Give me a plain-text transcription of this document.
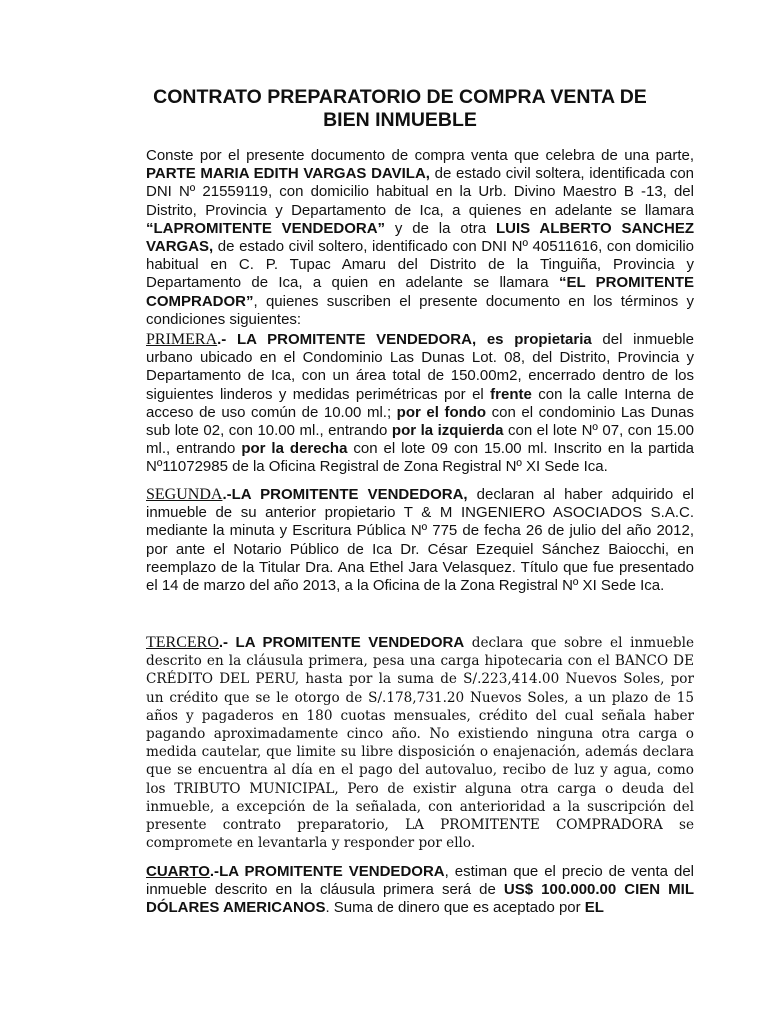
CONTRATO PREPARATORIO DE COMPRA VENTA DE
BIEN INMUEBLE

Conste por el presente documento de compra venta que celebra de una parte, PARTE MARIA EDITH VARGAS DAVILA, de estado civil soltera, identificada con DNI Nº 21559119, con domicilio habitual en la Urb. Divino Maestro B -13, del Distrito, Provincia y Departamento de Ica, a quienes en adelante se llamara “LAPROMITENTE VENDEDORA” y de la otra LUIS ALBERTO SANCHEZ VARGAS, de estado civil soltero, identificado con DNI Nº 40511616, con domicilio habitual en C. P. Tupac Amaru del Distrito de la Tinguiña, Provincia y Departamento de Ica, a quien en adelante se llamara “EL PROMITENTE COMPRADOR”, quienes suscriben el presente documento en los términos y condiciones siguientes:

PRIMERA.- LA PROMITENTE VENDEDORA, es propietaria del inmueble urbano ubicado en el Condominio Las Dunas Lot. 08, del Distrito, Provincia y Departamento de Ica, con un área total de 150.00m2, encerrado dentro de los siguientes linderos y medidas perimétricas por el frente con la calle Interna de acceso de uso común de 10.00 ml.; por el fondo con el condominio Las Dunas sub lote 02, con 10.00 ml., entrando por la izquierda con el lote Nº 07, con 15.00 ml., entrando por la derecha con el lote 09 con 15.00 ml. Inscrito en la partida Nº11072985 de la Oficina Registral de Zona Registral Nº XI Sede Ica.

SEGUNDA.-LA PROMITENTE VENDEDORA, declaran al haber adquirido el inmueble de su anterior propietario T & M INGENIERO ASOCIADOS S.A.C. mediante la minuta y Escritura Pública Nº 775 de fecha 26 de julio del año 2012, por ante el Notario Público de Ica Dr. César Ezequiel Sánchez Baiocchi, en reemplazo de la Titular Dra. Ana Ethel Jara Velasquez. Título que fue presentado el 14 de marzo del año 2013, a la Oficina de la Zona Registral Nº XI Sede Ica.

TERCERO.- LA PROMITENTE VENDEDORA declara que sobre el inmueble descrito en la cláusula primera, pesa una carga hipotecaria con el BANCO DE CRÉDITO DEL PERU, hasta por la suma de S/.223,414.00 Nuevos Soles, por un crédito que se le otorgo de S/.178,731.20 Nuevos Soles, a un plazo de 15 años y pagaderos en 180 cuotas mensuales, crédito del cual señala haber pagando aproximadamente cinco año. No existiendo ninguna otra carga o medida cautelar, que limite su libre disposición o enajenación, además declara que se encuentra al día en el pago del autovaluo, recibo de luz y agua, como los TRIBUTO MUNICIPAL, Pero de existir alguna otra carga o deuda del inmueble, a excepción de la señalada, con anterioridad a la suscripción del presente contrato preparatorio, LA PROMITENTE COMPRADORA se compromete en levantarla y responder por ello.

CUARTO.-LA PROMITENTE VENDEDORA, estiman que el precio de venta del inmueble descrito en la cláusula primera será de US$ 100.000.00 CIEN MIL DÓLARES AMERICANOS. Suma de dinero que es aceptado por EL
